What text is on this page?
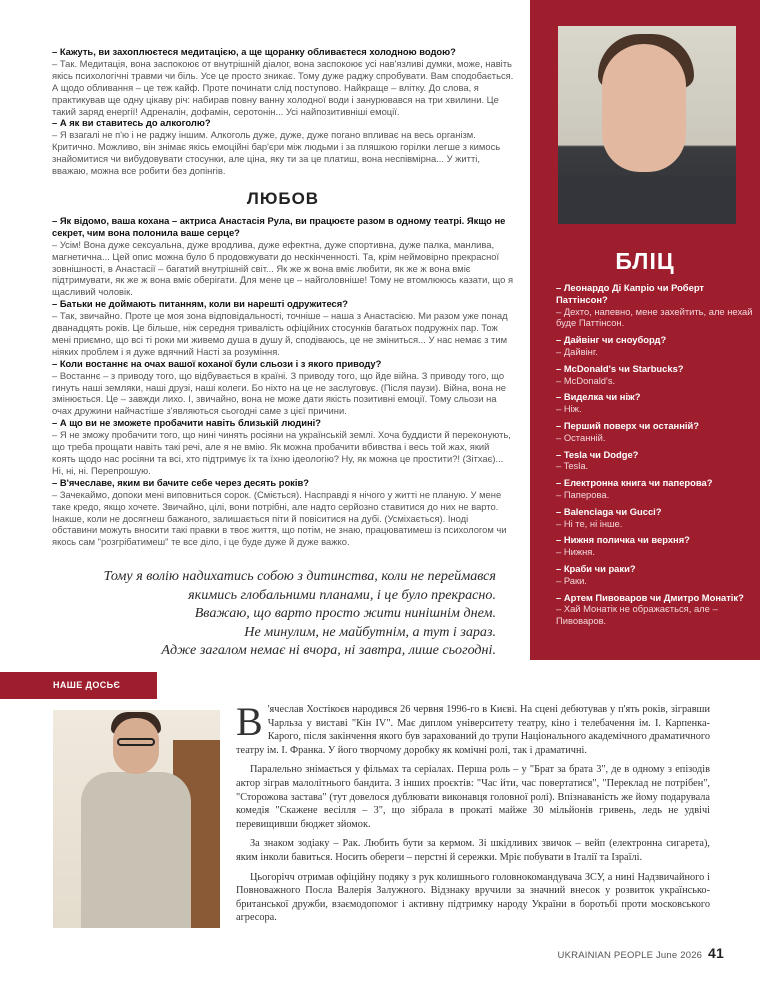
– Кажуть, ви захоплюєтеся медитацією, а ще щоранку обливаєтеся холодною водою?

– Так. Медитація, вона заспокоює от внутрішній діалог, вона заспокоює усі нав'язливі думки, може, навіть якісь психологічні травми чи біль. Усе це просто зникає. Тому дуже раджу спробувати. Вам сподобається. А щодо обливання – це теж кайф. Проте починати слід поступово. Найкраще – влітку. До слова, я практикував ще одну цікаву річ: набирав повну ванну холодної води і занурювався на три хвилини. Це такий заряд енергії! Адреналін, дофамін, серотонін... Усі найпозитивніші емоції.

– А як ви ставитесь до алкоголю?

– Я взагалі не п'ю і не раджу іншим. Алкоголь дуже, дуже, дуже погано впливає на весь організм. Критично. Можливо, він знімає якісь емоційні бар'єри між людьми і за пляшкою горілки легше з кимось знайомитися чи вибудовувати стосунки, але ціна, яку ти за це платиш, вона неспівмірна... У житті, вважаю, можна все робити без допінгів.

ЛЮБОВ

– Як відомо, ваша кохана – актриса Анастасія Рула, ви працюєте разом в одному театрі. Якщо не секрет, чим вона полонила ваше серце?

– Усім! Вона дуже сексуальна, дуже вродлива, дуже ефектна, дуже спортивна, дуже палка, манлива, магнетична... Цей опис можна було б продовжувати до нескінченності. Та, крім неймовірно прекрасної зовнішності, в Анастасії – багатий внутрішній світ... Як же ж вона вміє любити, як же ж вона вміє підтримувати, як же ж вона вміє оберігати. Для мене це – найголовніше! Тому не втомлююсь казати, що я щасливий чоловік.

– Батьки не доймають питанням, коли ви нарешті одружитеся?

– Так, звичайно. Проте це моя зона відповідальності, точніше – наша з Анастасією. Ми разом уже понад дванадцять років. Це більше, ніж середня тривалість офіційних стосунків багатьох подружніх пар. Тож мені приємно, що всі ті роки ми живемо душа в душу й, сподіваюсь, це не зміниться... У нас немає з тим ніяких проблем і я дуже вдячний Насті за розуміння.

– Коли востаннє на очах вашої коханої були сльози і з якого приводу?

– Востаннє – з приводу того, що відбувається в країні. З приводу того, що йде війна. З приводу того, що гинуть наші земляки, наші друзі, наші колеги. Бо ніхто на це не заслуговує. (Після паузи). Війна, вона не змінюється. Це – завжди лихо. І, звичайно, вона не може дати якість позитивні емоції. Тому сльози на очах дружини найчастіше з'являються сьогодні саме з цієї причини.

– А що ви не зможете пробачити навіть близькій людині?

– Я не зможу пробачити того, що нині чинять росіяни на українській землі. Хоча буддисти й переконують, що треба прощати навіть такі речі, але я не вмію. Як можна пробачити вбивства і весь той жах, який коять щодо нас росіяни та всі, хто підтримує їх та їхню ідеологію? Ну, як можна це простити?! (Зітхає)... Ні, ні, ні. Перепрошую.

– В'ячеславе, яким ви бачите себе через десять років?

– Зачекаймо, допоки мені виповниться сорок. (Сміється). Насправді я нічого у житті не планую. У мене таке кредо, якщо хочете. Звичайно, цілі, вони потрібні, але надто серйозно ставитися до них не варто. Інакше, коли не досягнеш бажаного, залишається піти й повіситися на дубі. (Усміхається). Іноді обставини можуть вносити такі правки в твоє життя, що потім, не знаю, працюватимеш із психологом чи якось сам "розгрібатимеш" те все діло, і це буде дуже й дуже важко.

Тому я волію надихатись собою з дитинства, коли не переймався
якимись глобальними планами, і це було прекрасно.
Вважаю, що варто просто жити нинішнім днем.
Не минулим, не майбутнім, а тут і зараз.
Адже загалом немає ні вчора, ні завтра, лише сьогодні.
БЛІЦ
– Леонардо Ді Капріо чи Роберт Паттінсон?
– Дехто, напевно, мене захейтить, але нехай буде Паттінсон.
– Дайвінг чи сноуборд?
– Дайвінг.
– McDonald's чи Starbucks?
– McDonald's.
– Виделка чи ніж?
– Ніж.
– Перший поверх чи останній?
– Останній.
– Tesla чи Dodge?
– Tesla.
– Електронна книга чи паперова?
– Паперова.
– Balenciaga чи Gucci?
– Ні те, ні інше.
– Нижня поличка чи верхня?
– Нижня.
– Краби чи раки?
– Раки.
– Артем Пивоваров чи Дмитро Монатік?
– Хай Монатік не ображається, але – Пивоваров.
НАШЕ ДОСЬЄ

В 'ячеслав Хостікоєв народився 26 червня 1996-го в Києві. На сцені дебютував у п'ять років, зігравши Чарльза у виставі "Кін IV". Має диплом університету театру, кіно і телебачення ім. І. Карпенка-Карого, після закінчення якого був зарахований до трупи Національного академічного драматичного театру ім. І. Франка. У його творчому доробку як комічні ролі, так і драматичні.

Паралельно знімається у фільмах та серіалах. Перша роль – у "Брат за брата 3", де в одному з епізодів актор зіграв малолітнього бандита. З інших проєктів: "Час йти, час повертатися", "Переклад не потрібен", "Сторожова застава" (тут довелося дублювати виконавця головної ролі). Впізнаваність же йому подарувала комедія "Скажене весілля – 3", що зібрала в прокаті майже 30 мільйонів гривень, ледь не удвічі перевищивши бюджет зйомок.

За знаком зодіаку – Рак. Любить бути за кермом. Зі шкідливих звичок – вейп (електронна сигарета), яким інколи бавиться. Носить обереги – перстні й сережки. Мріє побувати в Італії та Ізраїлі.

Цьогорічч отримав офіційну подяку з рук колишнього головнокомандувача ЗСУ, а нині Надзвичайного і Повноважного Посла Валерія Залужного. Відзнаку вручили за значний внесок у розвиток українсько-британської дружби, взаємодопомог і активну підтримку народу України в боротьбі проти московського агресора.

UKRAINIAN PEOPLE June 2026 41
